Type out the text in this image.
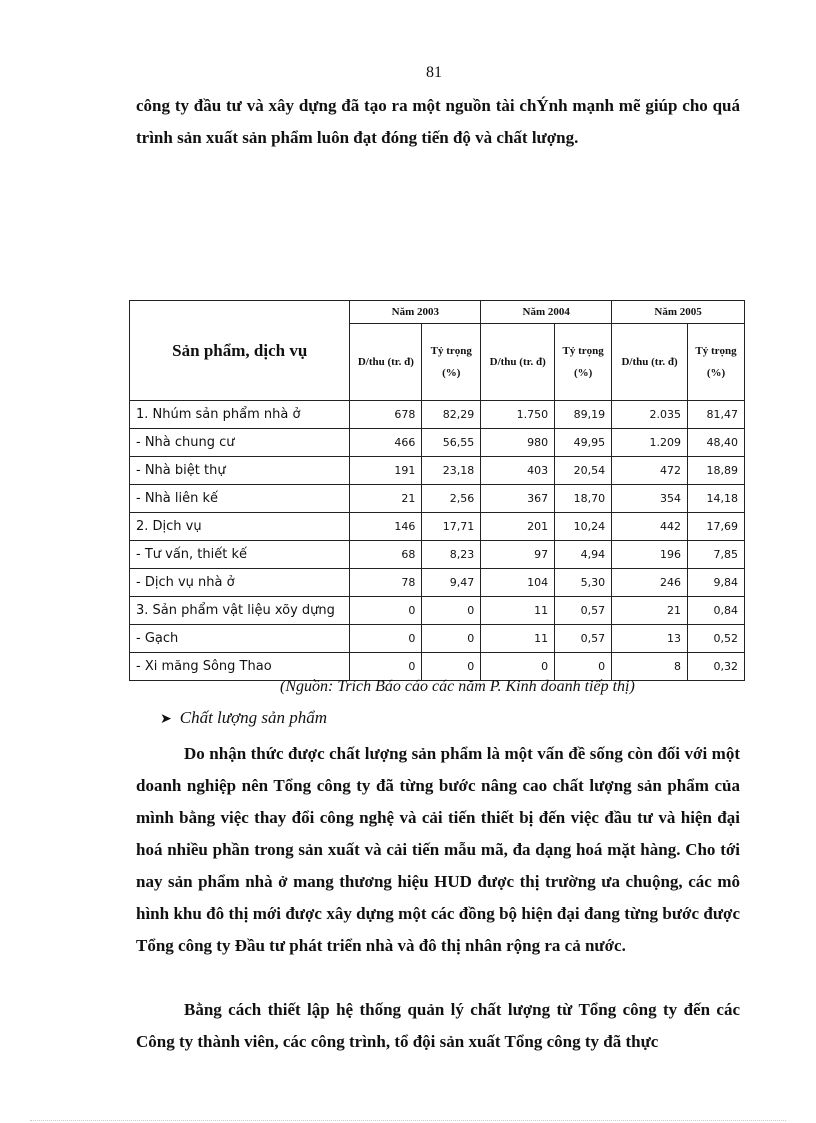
81

công ty đầu tư và xây dựng đã tạo ra một nguồn tài chÝnh mạnh mẽ giúp cho quá trình sản xuất sản phẩm luôn đạt đóng tiến độ và chất lượng.

Sản phẩm, dịch vụ	Năm 2003		Năm 2004		Năm 2005	
	D/thu (tr. đ)	Tỷ trọng (%)	D/thu (tr. đ)	Tỷ trọng (%)	D/thu (tr. đ)	Tỷ trọng (%)
1. Nhúm sản phẩm nhà ở	678	82,29	1.750	89,19	2.035	81,47
- Nhà chung cư	466	56,55	980	49,95	1.209	48,40
- Nhà biệt thự	191	23,18	403	20,54	472	18,89
- Nhà liên kế	21	2,56	367	18,70	354	14,18
2. Dịch vụ	146	17,71	201	10,24	442	17,69
- Tư vấn, thiết kế	68	8,23	97	4,94	196	7,85
- Dịch vụ nhà ở	78	9,47	104	5,30	246	9,84
3. Sản phẩm vật liệu xõy dựng	0	0	11	0,57	21	0,84
- Gạch	0	0	11	0,57	13	0,52
- Xi măng Sông Thao	0	0	0	0	8	0,32
(Nguồn: Trích Báo cáo các năm P. Kinh doanh tiếp thị)
➤ Chất lượng sản phẩm

Do nhận thức được chất lượng sản phẩm là một vấn đề sống còn đối với một doanh nghiệp nên Tổng công ty đã từng bước nâng cao chất lượng sản phẩm của mình bằng việc thay đổi công nghệ và cải tiến thiết bị đến việc đầu tư và hiện đại hoá nhiều phần trong sản xuất và cải tiến mẫu mã, đa dạng hoá mặt hàng. Cho tới nay sản phẩm nhà ở mang thương hiệu HUD được thị trường ưa chuộng, các mô hình khu đô thị mới được xây dựng một các đồng bộ hiện đại đang từng bước được Tổng công ty Đầu tư phát triển nhà và đô thị nhân rộng ra cả nước.

Bằng cách thiết lập hệ thống quản lý chất lượng từ Tổng công ty đến các Công ty thành viên, các công trình, tổ đội sản xuất Tổng công ty đã thực
